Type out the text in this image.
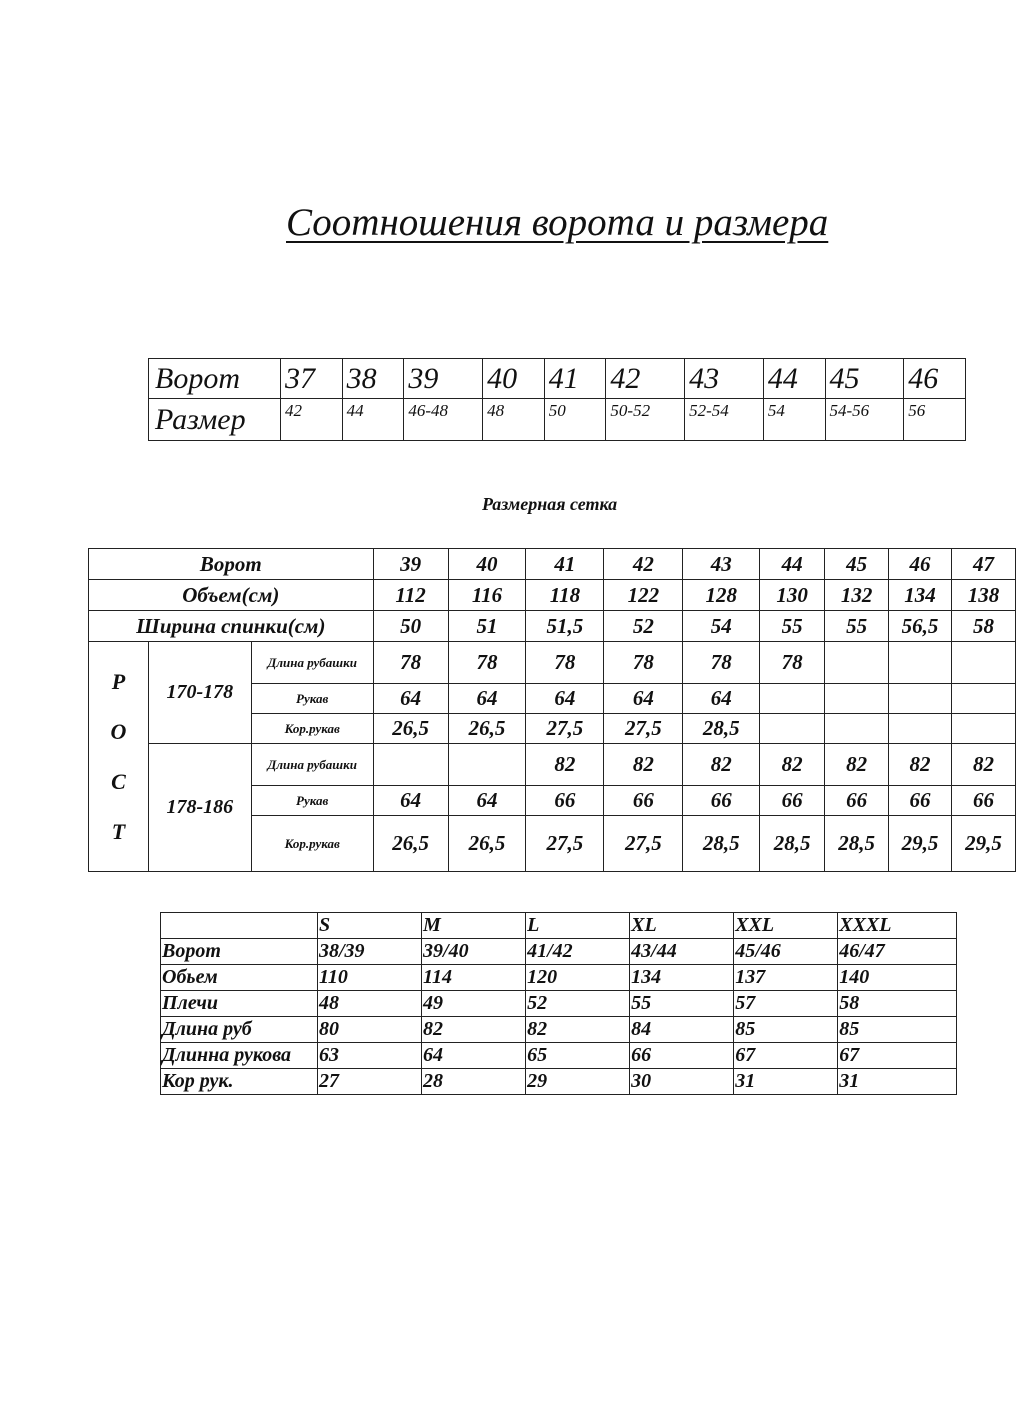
Соотношения ворота и размера
Ворот	37	38	39	40	41	42	43	44	45	46
Размер	42	44	46-48	48	50	50-52	52-54	54	54-56	56
Размерная сетка
Ворот			39	40	41	42	43	44	45	46	47
Объем(см)			112	116	118	122	128	130	132	134	138
Ширина спинки(см)			50	51	51,5	52	54	55	55	56,5	58

Р
О
С
Т	170-178	Длина рубашки	78	78	78	78	78	78			
		Рукав	64	64	64	64	64				
		Кор.рукав	26,5	26,5	27,5	27,5	28,5				
	178-186	Длина рубашки			82	82	82	82	82	82	82
		Рукав	64	64	66	66	66	66	66	66	66
		Кор.рукав	26,5	26,5	27,5	27,5	28,5	28,5	28,5	29,5	29,5
	S	M	L	XL	XXL	XXXL
Ворот	38/39	39/40	41/42	43/44	45/46	46/47
Обьем	110	114	120	134	137	140
Плечи	48	49	52	55	57	58
Длина руб	80	82	82	84	85	85
Длинна рукова	63	64	65	66	67	67
Кор рук.	27	28	29	30	31	31
